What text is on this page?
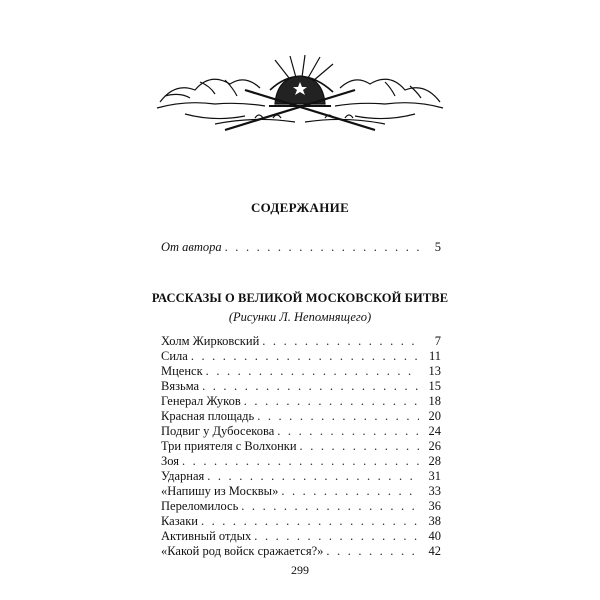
СОДЕРЖАНИЕ
От автора . . .	5
РАССКАЗЫ О ВЕЛИКОЙ МОСКОВСКОЙ БИТВЕ
(Рисунки Л. Непомнящего)
Холм Жирковский . . .	7
Сила . . .	11
Мценск . . .	13
Вязьма . . .	15
Генерал Жуков . . .	18
Красная площадь . . .	20
Подвиг у Дубосекова . . .	24
Три приятеля с Волхонки . . .	26
Зоя . . .	28
Ударная . . .	31
«Напишу из Москвы» . . .	33
Переломилось . . .	36
Казаки . . .	38
Активный отдых . . .	40
«Какой род войск сражается?» . . .	42
299
